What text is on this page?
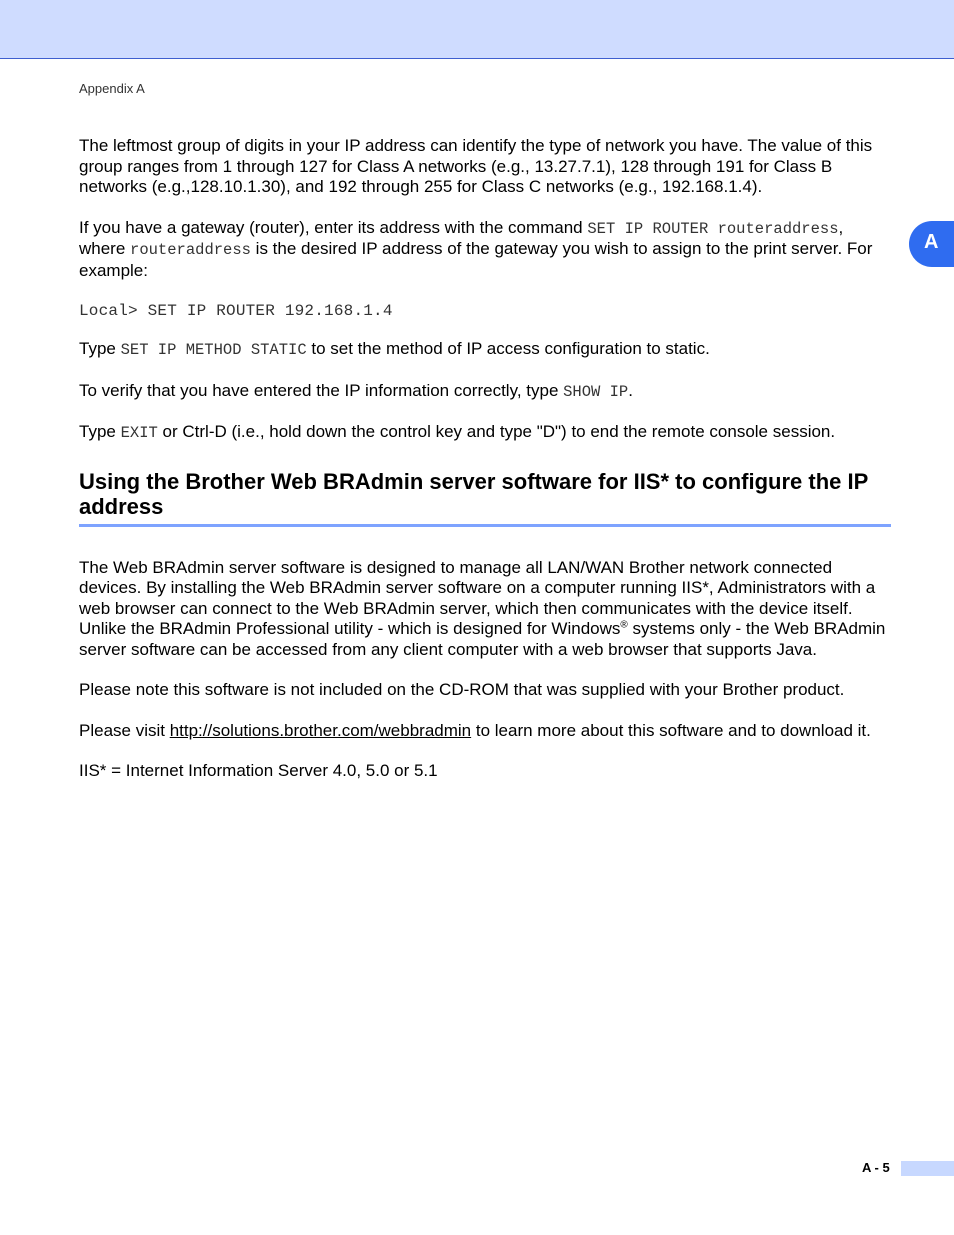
Appendix A
A

The leftmost group of digits in your IP address can identify the type of network you have. The value of this group ranges from 1 through 127 for Class A networks (e.g., 13.27.7.1), 128 through 191 for Class B networks (e.g.,128.10.1.30), and 192 through 255 for Class C networks (e.g., 192.168.1.4).

If you have a gateway (router), enter its address with the command SET IP ROUTER routeraddress, where routeraddress is the desired IP address of the gateway you wish to assign to the print server. For example:

Local> SET IP ROUTER 192.168.1.4

Type SET IP METHOD STATIC to set the method of IP access configuration to static.

To verify that you have entered the IP information correctly, type SHOW IP.

Type EXIT or Ctrl-D (i.e., hold down the control key and type "D") to end the remote console session.

Using the Brother Web BRAdmin server software for IIS* to configure the IP address

The Web BRAdmin server software is designed to manage all LAN/WAN Brother network connected devices. By installing the Web BRAdmin server software on a computer running IIS*, Administrators with a web browser can connect to the Web BRAdmin server, which then communicates with the device itself. Unlike the BRAdmin Professional utility - which is designed for Windows® systems only - the Web BRAdmin server software can be accessed from any client computer with a web browser that supports Java.

Please note this software is not included on the CD-ROM that was supplied with your Brother product.

Please visit http://solutions.brother.com/webbradmin to learn more about this software and to download it.

IIS* = Internet Information Server 4.0, 5.0 or 5.1

A - 5
